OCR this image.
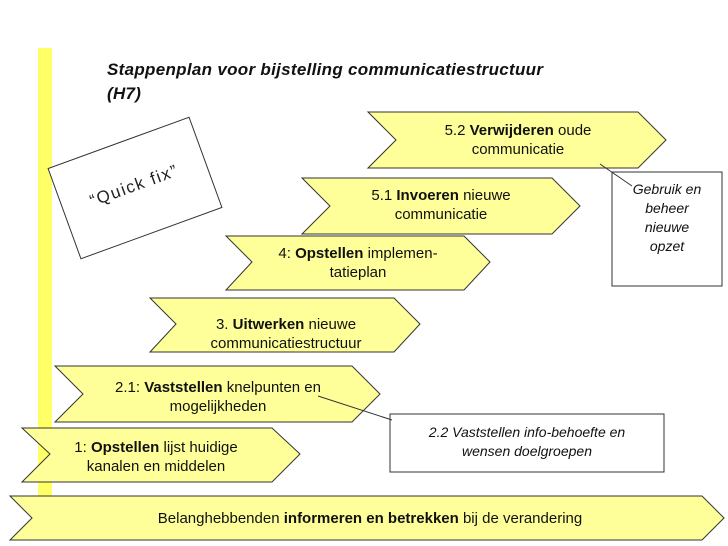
Stappenplan voor bijstelling communicatiestructuur
(H7)
“Quick fix”
5.2 Verwijderen oude
communicatie
5.1 Invoeren nieuwe
communicatie
4: Opstellen implemen-
tatieplan
3. Uitwerken nieuwe
communicatiestructuur
2.1: Vaststellen knelpunten en
mogelijkheden
1: Opstellen lijst huidige
kanalen en middelen
Gebruik en
beheer
nieuwe
opzet
2.2 Vaststellen info-behoefte en
wensen doelgroepen
Belanghebbenden informeren en betrekken bij de verandering
